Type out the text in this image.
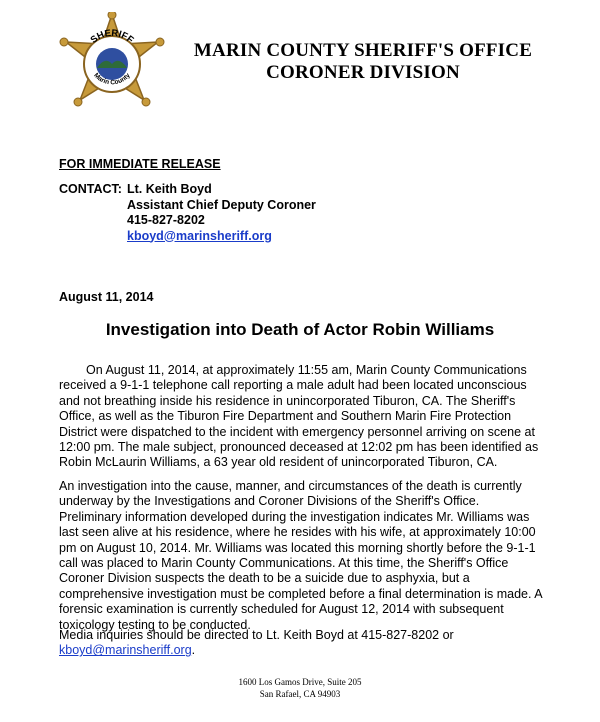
SHERIFF
Marin County
MARIN COUNTY SHERIFF'S OFFICE
CORONER DIVISION
FOR IMMEDIATE RELEASE
CONTACT: Lt. Keith Boyd
Assistant Chief Deputy Coroner
415-827-8202
kboyd@marinsheriff.org
August 11, 2014
Investigation into Death of Actor Robin Williams

On August 11, 2014, at approximately 11:55 am, Marin County Communications received a 9-1-1 telephone call reporting a male adult had been located unconscious and not breathing inside his residence in unincorporated Tiburon, CA. The Sheriff's Office, as well as the Tiburon Fire Department and Southern Marin Fire Protection District were dispatched to the incident with emergency personnel arriving on scene at 12:00 pm. The male subject, pronounced deceased at 12:02 pm has been identified as Robin McLaurin Williams, a 63 year old resident of unincorporated Tiburon, CA.

An investigation into the cause, manner, and circumstances of the death is currently underway by the Investigations and Coroner Divisions of the Sheriff's Office. Preliminary information developed during the investigation indicates Mr. Williams was last seen alive at his residence, where he resides with his wife, at approximately 10:00 pm on August 10, 2014. Mr. Williams was located this morning shortly before the 9-1-1 call was placed to Marin County Communications. At this time, the Sheriff's Office Coroner Division suspects the death to be a suicide due to asphyxia, but a comprehensive investigation must be completed before a final determination is made. A forensic examination is currently scheduled for August 12, 2014 with subsequent toxicology testing to be conducted.

Media inquiries should be directed to Lt. Keith Boyd at 415-827-8202 or
kboyd@marinsheriff.org.

1600 Los Gamos Drive, Suite 205
San Rafael, CA 94903
